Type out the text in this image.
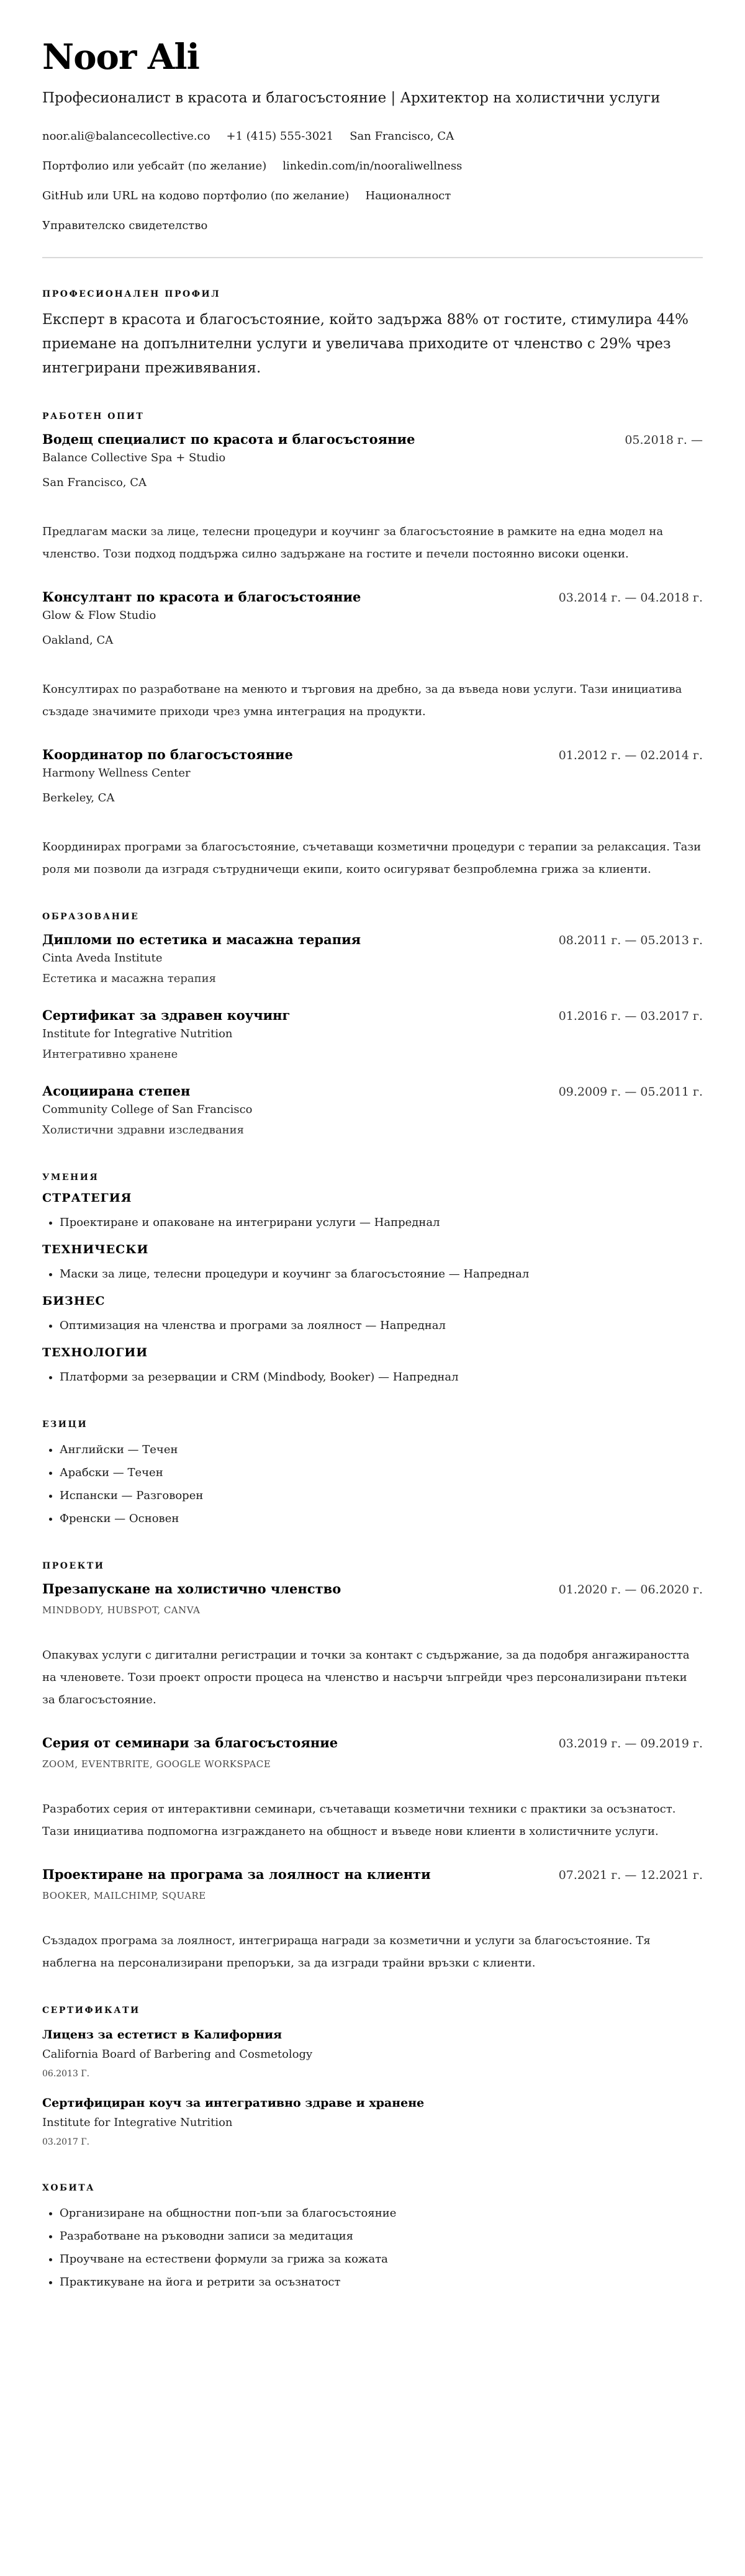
Noor Ali
Професионалист в красота и благосъстояние | Архитектор на холистични услуги
noor.ali@balancecollective.co +1 (415) 555-3021 San Francisco, CA
Портфолио или уебсайт (по желание) linkedin.com/in/nooraliwellness
GitHub или URL на кодово портфолио (по желание) Националност
Управителско свидетелство
ПРОФЕСИОНАЛЕН ПРОФИЛ
Експерт в красота и благосъстояние, който задържа 88% от гостите, стимулира 44% приемане на допълнителни услуги и увеличава приходите от членство с 29% чрез интегрирани преживявания.
РАБОТЕН ОПИТ
Водещ специалист по красота и благосъстояние	05.2018 г. —
Balance Collective Spa + Studio
San Francisco, CA
Предлагам маски за лице, телесни процедури и коучинг за благосъстояние в рамките на една модел на членство. Този подход поддържа силно задържане на гостите и печели постоянно високи оценки.
Консултант по красота и благосъстояние	03.2014 г. — 04.2018 г.
Glow & Flow Studio
Oakland, CA
Консултирах по разработване на менюто и търговия на дребно, за да въведа нови услуги. Тази инициатива създаде значимите приходи чрез умна интеграция на продукти.
Координатор по благосъстояние	01.2012 г. — 02.2014 г.
Harmony Wellness Center
Berkeley, CA
Координирах програми за благосъстояние, съчетаващи козметични процедури с терапии за релаксация. Тази роля ми позволи да изградя сътрудничещи екипи, които осигуряват безпроблемна грижа за клиенти.
ОБРАЗОВАНИЕ
Дипломи по естетика и масажна терапия	08.2011 г. — 05.2013 г.
Cinta Aveda Institute
Естетика и масажна терапия
Сертификат за здравен коучинг	01.2016 г. — 03.2017 г.
Institute for Integrative Nutrition
Интегративно хранене
Асоциирана степен	09.2009 г. — 05.2011 г.
Community College of San Francisco
Холистични здравни изследвания
УМЕНИЯ
СТРАТЕГИЯ
• Проектиране и опаковане на интегрирани услуги — Напреднал
ТЕХНИЧЕСКИ
• Маски за лице, телесни процедури и коучинг за благосъстояние — Напреднал
БИЗНЕС
• Оптимизация на членства и програми за лоялност — Напреднал
ТЕХНОЛОГИИ
• Платформи за резервации и CRM (Mindbody, Booker) — Напреднал
ЕЗИЦИ
• Английски — Течен
• Арабски — Течен
• Испански — Разговорен
• Френски — Основен
ПРОЕКТИ
Презапускане на холистично членство	01.2020 г. — 06.2020 г.
MINDBODY, HUBSPOT, CANVA
Опакувах услуги с дигитални регистрации и точки за контакт с съдържание, за да подобря ангажираността на членовете. Този проект опрости процеса на членство и насърчи ъпгрейди чрез персонализирани пътеки за благосъстояние.
Серия от семинари за благосъстояние	03.2019 г. — 09.2019 г.
ZOOM, EVENTBRITE, GOOGLE WORKSPACE
Разработих серия от интерактивни семинари, съчетаващи козметични техники с практики за осъзнатост. Тази инициатива подпомогна изграждането на общност и въведе нови клиенти в холистичните услуги.
Проектиране на програма за лоялност на клиенти	07.2021 г. — 12.2021 г.
BOOKER, MAILCHIMP, SQUARE
Създадох програма за лоялност, интегрираща награди за козметични и услуги за благосъстояние. Тя наблегна на персонализирани препоръки, за да изгради трайни връзки с клиенти.
СЕРТИФИКАТИ
Лиценз за естетист в Калифорния
California Board of Barbering and Cosmetology
06.2013 Г.
Сертифициран коуч за интегративно здраве и хранене
Institute for Integrative Nutrition
03.2017 Г.
ХОБИТА
• Организиране на общностни поп-ъпи за благосъстояние
• Разработване на ръководни записи за медитация
• Проучване на естествени формули за грижа за кожата
• Практикуване на йога и ретрити за осъзнатост
